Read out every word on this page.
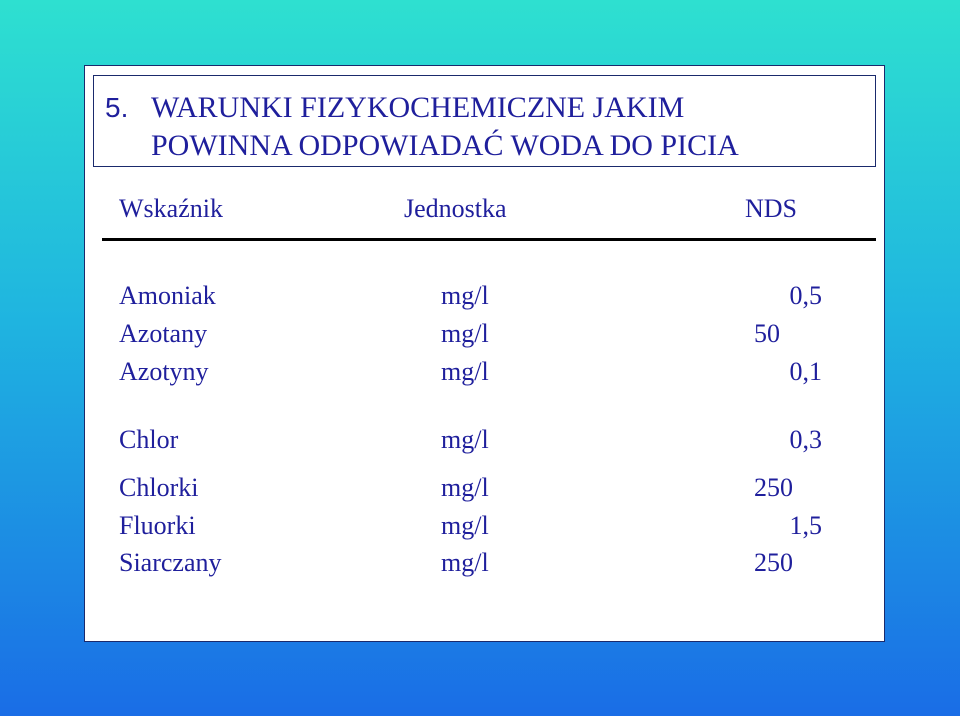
5. WARUNKI FIZYKOCHEMICZNE JAKIM
POWINNA ODPOWIADAĆ WODA DO PICIA
Wskaźnik	Jednostka	NDS
Amoniak	mg/l	0,5
Azotany	mg/l	50
Azotyny	mg/l	0,1
Chlor	mg/l	0,3
Chlorki	mg/l	250
Fluorki	mg/l	1,5
Siarczany	mg/l	250
